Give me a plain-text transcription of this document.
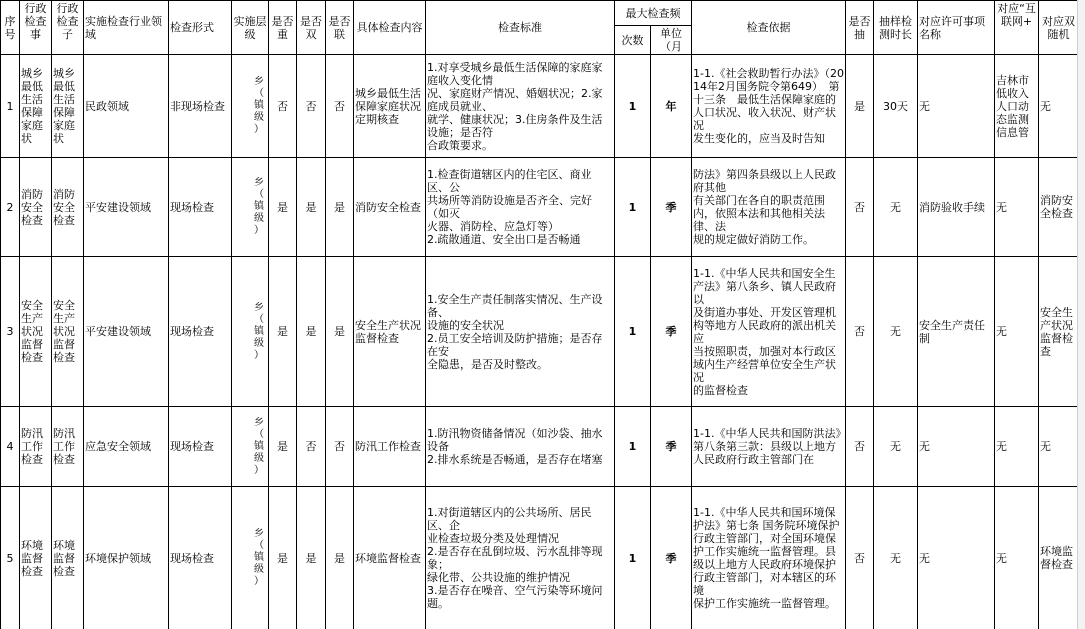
序号	行政检查事	行政检查子	实施检查行业领域	检查形式	实施层级	是否重	是否双	是否联	具体检查内容	检查标准	最大检查频		检查依据	是否抽	抽样检测时长	对应许可事项名称	对应“互联网+	对应双随机

											次数	单位（月						

1	城乡最低生活保障家庭状	城乡最低生活保障家庭状	民政领域	非现场检查	乡
（
镇
级
）	否	否	否	城乡最低生活保障家庭状况定期核查	1.对享受城乡最低生活保障的家庭家庭收入变化情
况、家庭财产情况、婚姻状况；2.家庭成员就业、
就学、健康状况；3.住房条件及生活设施；是否符
合政策要求。	1	年	1-1.《社会救助暂行办法》（2014年2月国务院令第649）　第
十三条　最低生活保障家庭的人口状况、收入状况、财产状况
发生变化的，应当及时告知	是	30天	无	吉林市低收入人口动态监测信息管	无

2	消防安全检查	消防安全检查	平安建设领域	现场检查	乡
（
镇
级
）	是	是	是	消防安全检查	1.检查街道辖区内的住宅区、商业区、公
共场所等消防设施是否齐全、完好（如灭
火器、消防栓、应急灯等）
2.疏散通道、安全出口是否畅通	1	季	防法》第四条县级以上人民政府其他
有关部门在各自的职责范围内，依照本法和其他相关法律、法
规的规定做好消防工作。	否	无	消防验收手续	无	消防安全检查

3	安全生产状况监督检查	安全生产状况监督检查	平安建设领域	现场检查	乡
（
镇
级
）	是	是	是	安全生产状况监督检查	1.安全生产责任制落实情况、生产设备、
设施的安全状况
2.员工安全培训及防护措施；是否存在安
全隐患，是否及时整改。	1	季	1-1.《中华人民共和国安全生产法》第八条乡、镇人民政府以
及街道办事处、开发区管理机构等地方人民政府的派出机关应
当按照职责，加强对本行政区域内生产经营单位安全生产状况
的监督检查	否	无	安全生产责任制	无	安全生产状况监督检查

4	防汛工作检查	防汛工作检查	应急安全领域	现场检查	乡
（
镇
级
）	是	否	否	防汛工作检查	1.防汛物资储备情况（如沙袋、抽水设备
2.排水系统是否畅通，是否存在堵塞	1	季	1-1.《中华人民共和国防洪法》第八条第三款：县级以上地方
人民政府行政主管部门在	否	无	无	无	无

5	环境监督检查	环境监督检查	环境保护领域	现场检查	乡
（
镇
级
）	是	是	是	环境监督检查	1.对街道辖区内的公共场所、居民区、企
业检查垃圾分类及处理情况
2.是否存在乱倒垃圾、污水乱排等现象；
绿化带、公共设施的维护情况
3.是否存在噪音、空气污染等环境问题。	1	季	1-1.《中华人民共和国环境保护法》第七条 国务院环境保护
行政主管部门，对全国环境保护工作实施统一监督管理。县
级以上地方人民政府环境保护行政主管部门，对本辖区的环境
保护工作实施统一监督管理。	否	无	无	无	环境监督检查
